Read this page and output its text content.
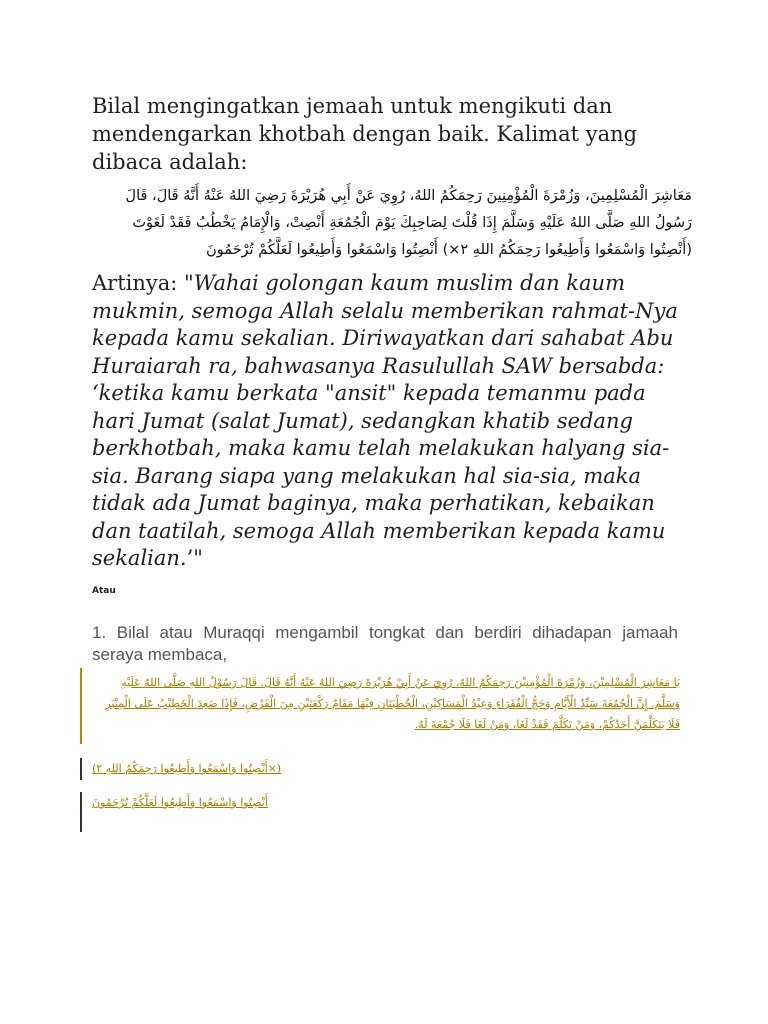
Bilal mengingatkan jemaah untuk mengikuti dan mendengarkan khotbah dengan baik. Kalimat yang dibaca adalah:

مَعَاشِرَ الْمُسْلِمِينَ، وَزُمْرَةَ الْمُؤْمِنِينَ رَحِمَكُمُ اللهُ، رُوِيَ عَنْ أَبِي هُرَيْرَةَ رَضِيَ اللهُ عَنْهُ أَنَّهُ قَالَ، قَالَ رَسُولُ اللهِ صَلَّى اللهُ عَلَيْهِ وَسَلَّمَ إِذَا قُلْتَ لِصَاحِبِكَ يَوْمَ الْجُمُعَةِ أَنْصِتْ، وَالْإِمَامُ يَخْطُبُ فَقَدْ لَغَوْتَ (أَنْصِتُوا وَاسْمَعُوا وَأَطِيعُوا رَحِمَكُمُ اللهِ ٢×) أَنْصِتُوا وَاسْمَعُوا وَأَطِيعُوا لَعَلَّكُمْ تُرْحَمُونَ

Artinya: "Wahai golongan kaum muslim dan kaum mukmin, semoga Allah selalu memberikan rahmat-Nya kepada kamu sekalian. Diriwayatkan dari sahabat Abu Huraiarah ra, bahwasanya Rasulullah SAW bersabda: ‘ketika kamu berkata "ansit" kepada temanmu pada hari Jumat (salat Jumat), sedangkan khatib sedang berkhotbah, maka kamu telah melakukan halyang sia-sia. Barang siapa yang melakukan hal sia-sia, maka tidak ada Jumat baginya, maka perhatikan, kebaikan dan taatilah, semoga Allah memberikan kepada kamu sekalian.’"

Atau

1. Bilal atau Muraqqi mengambil tongkat dan berdiri dihadapan jamaah seraya membaca,

يَا مَعَاشِرَ الْمُسْلِمِيْنَ، وَزُمْرَةَ الْمُؤْمِنِيْنَ رَحِمَكُمُ اللهُ، رُوِيَ عَنْ أَبِيْ هُرَيْرَةَ رَضِيَ اللهُ عَنْهُ أَنَّهُ قَالَ. قَالَ رَسُوْلُ اللهِ صَلَّى اللهُ عَلَيْهِ وَسَلَّمَ. إِنَّ الْجُمُعَةَ سَيِّدُ الْأَيَّامِ وَحَجُّ الْفُقَرَاءِ وَعِيْدُ الْمَسَاكِيْنِ، الْخُطْبَتَانِ فِيْهَا مَقَامُ رَكْعَتَيْنِ مِنَ الْفَرْضِ، فَإِذَا صَعِدَ الْخَطِيْبُ عَلَى الْمِنْبَرِ فَلَا يَتَكَلَّمَنَّ أَحَدُكُمْ، وَمَنْ تَكَلَّمَ فَقَدْ لَغَا، وَمَنْ لَغَا فَلَا جُمْعَةَ لَهُ.

(×أَنْصِتُوا وَاسْمَعُوا وَأَطِيعُوا رَحِمَكُمُ اللهِ ٢)

أَنْصِتُوا وَاسْمَعُوا وَأَطِيعُوا لَعَلَّكُمْ تُرْحَمُونَ
